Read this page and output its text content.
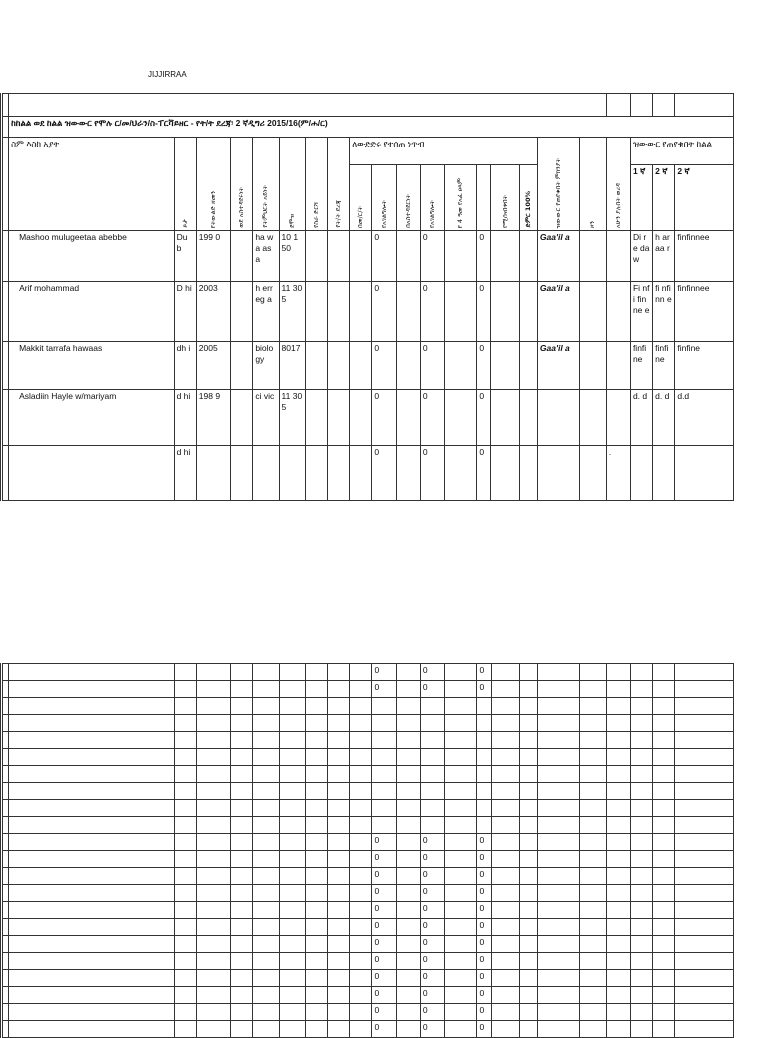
JIJJIRRAA

	ከከልል ወደ ከልል ዝውውር የሞሉ ር/መ/ህራን/ስ-ፐርቫይዘር - የት/ት ደረጃ፡ 2 ኛዲግሪ 2015/16(ም/ሐ/ር)																					
	ስም እስከ አያት	ጾታ	የትውልድ ዘመን	ወደ አስተዳደሩነት	የትምህርት አይነት	ደሞዝ	የስራ ድርሻ	የት/ት ደረጃ	ለውድድሩ የተሰጠ ነጥብ								ዝውውር የጠየቁበት ምክንያት	ዞን	አሁን ያሉበት ወረዳ	ዝውውር የጠየቁበት ከልል		
									በመ/ር/ት	የአገልግሎት	በአስተዳደርነት	የአገልግሎት	የ 4 ዓመ የአፈ ፀጻም		የሚሰናበቱበት	ድምር 100%				1 ኛ	2 ኛ	2 ኛ
	Mashoo mulugeetaa abebbe	Du b	199 0		ha wa as a	10 150				0		0		0			Gaa'il a			Di re da w	h ar aa r	finfinnee
	Arif mohammad	D hi	2003		h err eg a	11 305				0		0		0			Gaa'il a			Fi nfi fin ne e	fi nfi nn e	finfinnee
	Makkit tarrafa hawaas	dh i	2005		biology	8017				0		0		0			Gaa'il a			finfine	finfine	finfine
	Asladiin Hayle w/mariyam	d hi	198 9		ci vic	11 305				0		0		0						d. d	d. d	d.d
		d hi								0		0		0					.			
										0		0		0								
										0		0		0								

										0		0		0								
										0		0		0								
										0		0		0								
										0		0		0								
										0		0		0								
										0		0		0								
										0		0		0								
										0		0		0								
										0		0		0								
										0		0		0								
										0		0		0								
										0		0		0								
